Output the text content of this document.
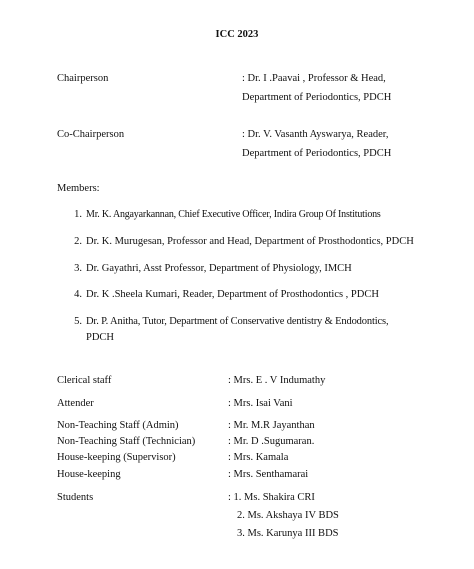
ICC 2023
Chairperson	: Dr. I .Paavai , Professor & Head,
Department of Periodontics, PDCH
Co-Chairperson	: Dr. V. Vasanth Ayswarya, Reader,
Department of Periodontics, PDCH
Members:
1. Mr. K. Angayarkannan, Chief Executive Officer, Indira Group Of Institutions
2. Dr. K. Murugesan, Professor and Head, Department of Prosthodontics, PDCH
3. Dr. Gayathri, Asst Professor, Department of Physiology, IMCH
4. Dr. K .Sheela Kumari, Reader, Department of Prosthodontics , PDCH
5. Dr. P. Anitha, Tutor, Department of Conservative dentistry & Endodontics,
PDCH
Clerical staff	: Mrs. E . V Indumathy
Attender	: Mrs. Isai Vani
Non-Teaching Staff (Admin)	: Mr. M.R Jayanthan
Non-Teaching Staff (Technician)	: Mr. D .Sugumaran.
House-keeping (Supervisor)	: Mrs. Kamala
House-keeping	: Mrs. Senthamarai
Students	: 1. Ms. Shakira CRI
2. Ms. Akshaya IV BDS
3. Ms. Karunya III BDS
